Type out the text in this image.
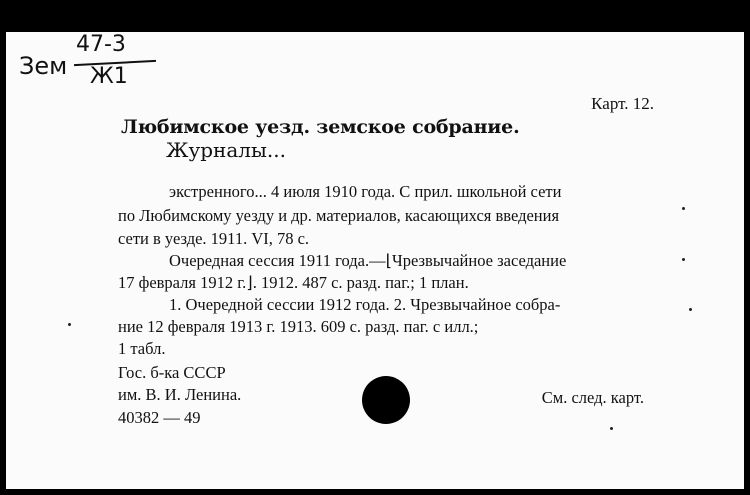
47-3
Зем Ж1
Карт. 12.
Любимское уезд. земское собрание.
Журналы...
экстренного... 4 июля 1910 года. С прил. школьной сети
по Любимскому уезду и др. материалов, касающихся введения
сети в уезде. 1911. VI, 78 с.
Очередная сессия 1911 года.—⌊Чрезвычайное заседание
17 февраля 1912 г.⌋. 1912. 487 с. разд. паг.; 1 план.
1. Очередной сессии 1912 года. 2. Чрезвычайное собра-
ние 12 февраля 1913 г. 1913. 609 с. разд. паг. с илл.;
1 табл.
Гос. б-ка СССР
им. В. И. Ленина.
40382 — 49
См. след. карт.
